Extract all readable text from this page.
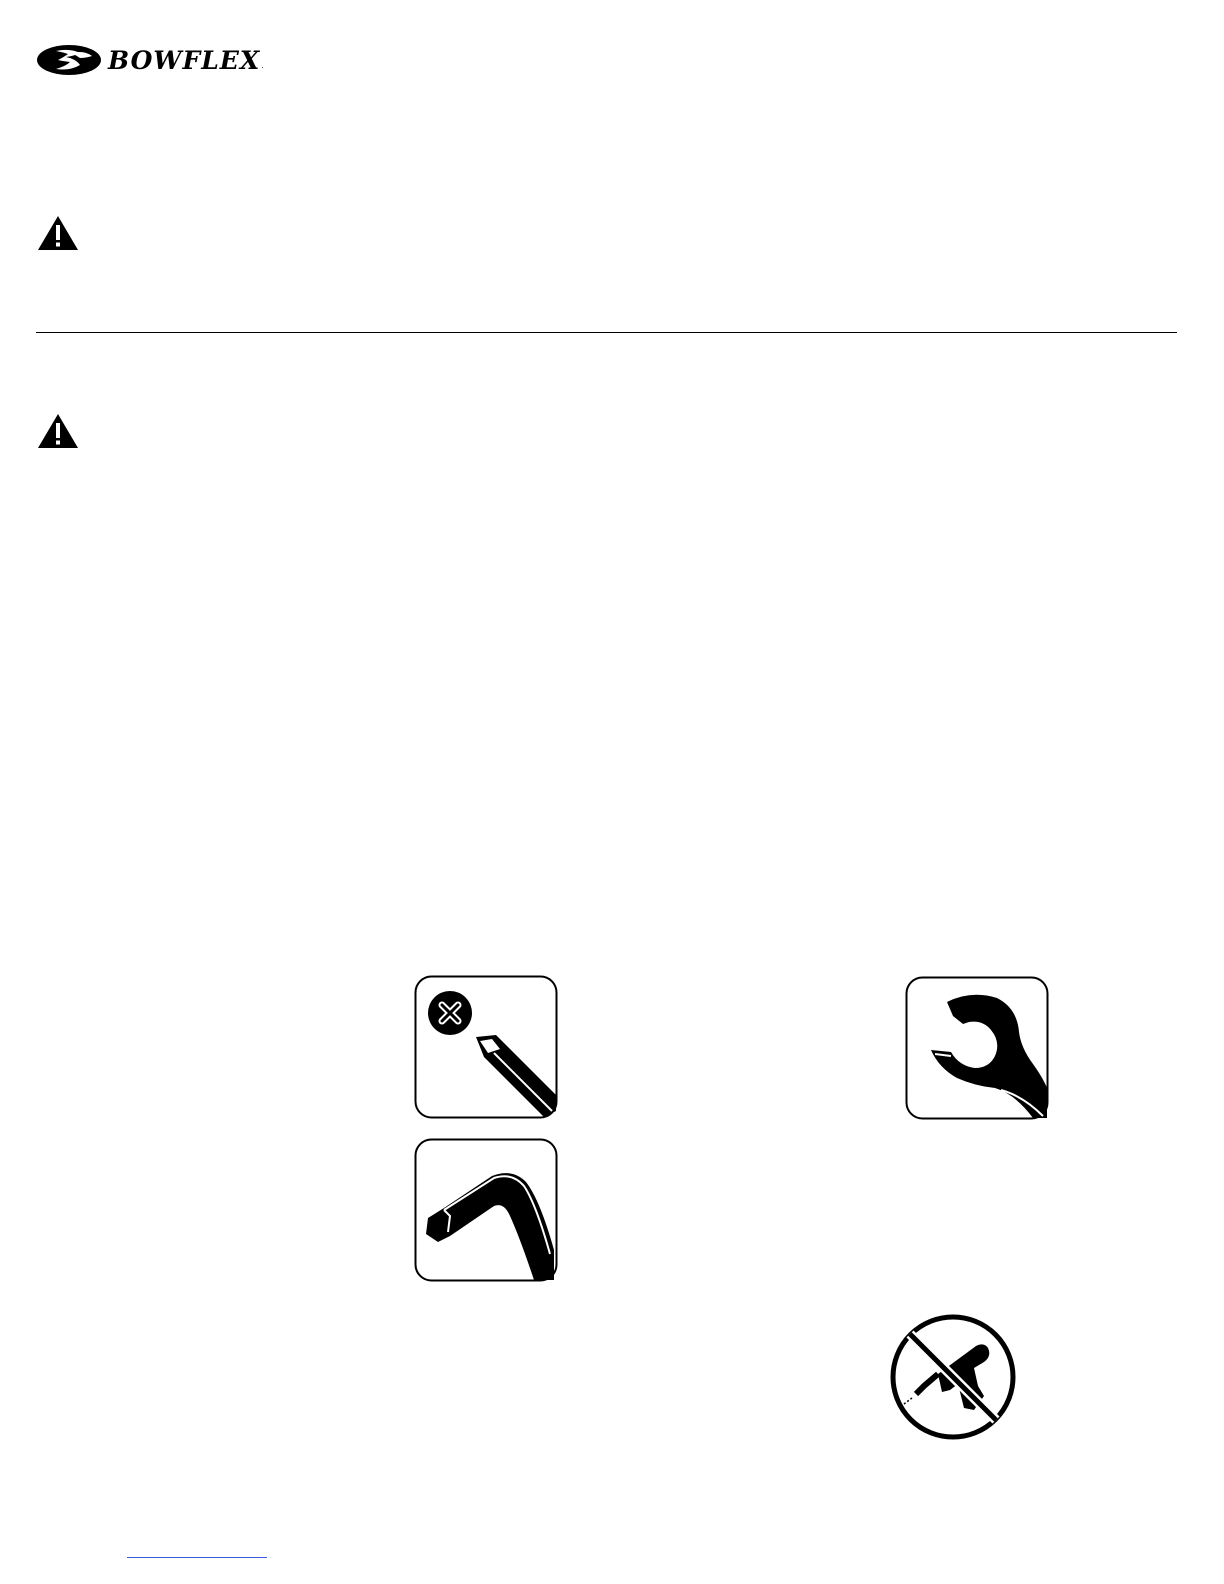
BOWFLEX .
